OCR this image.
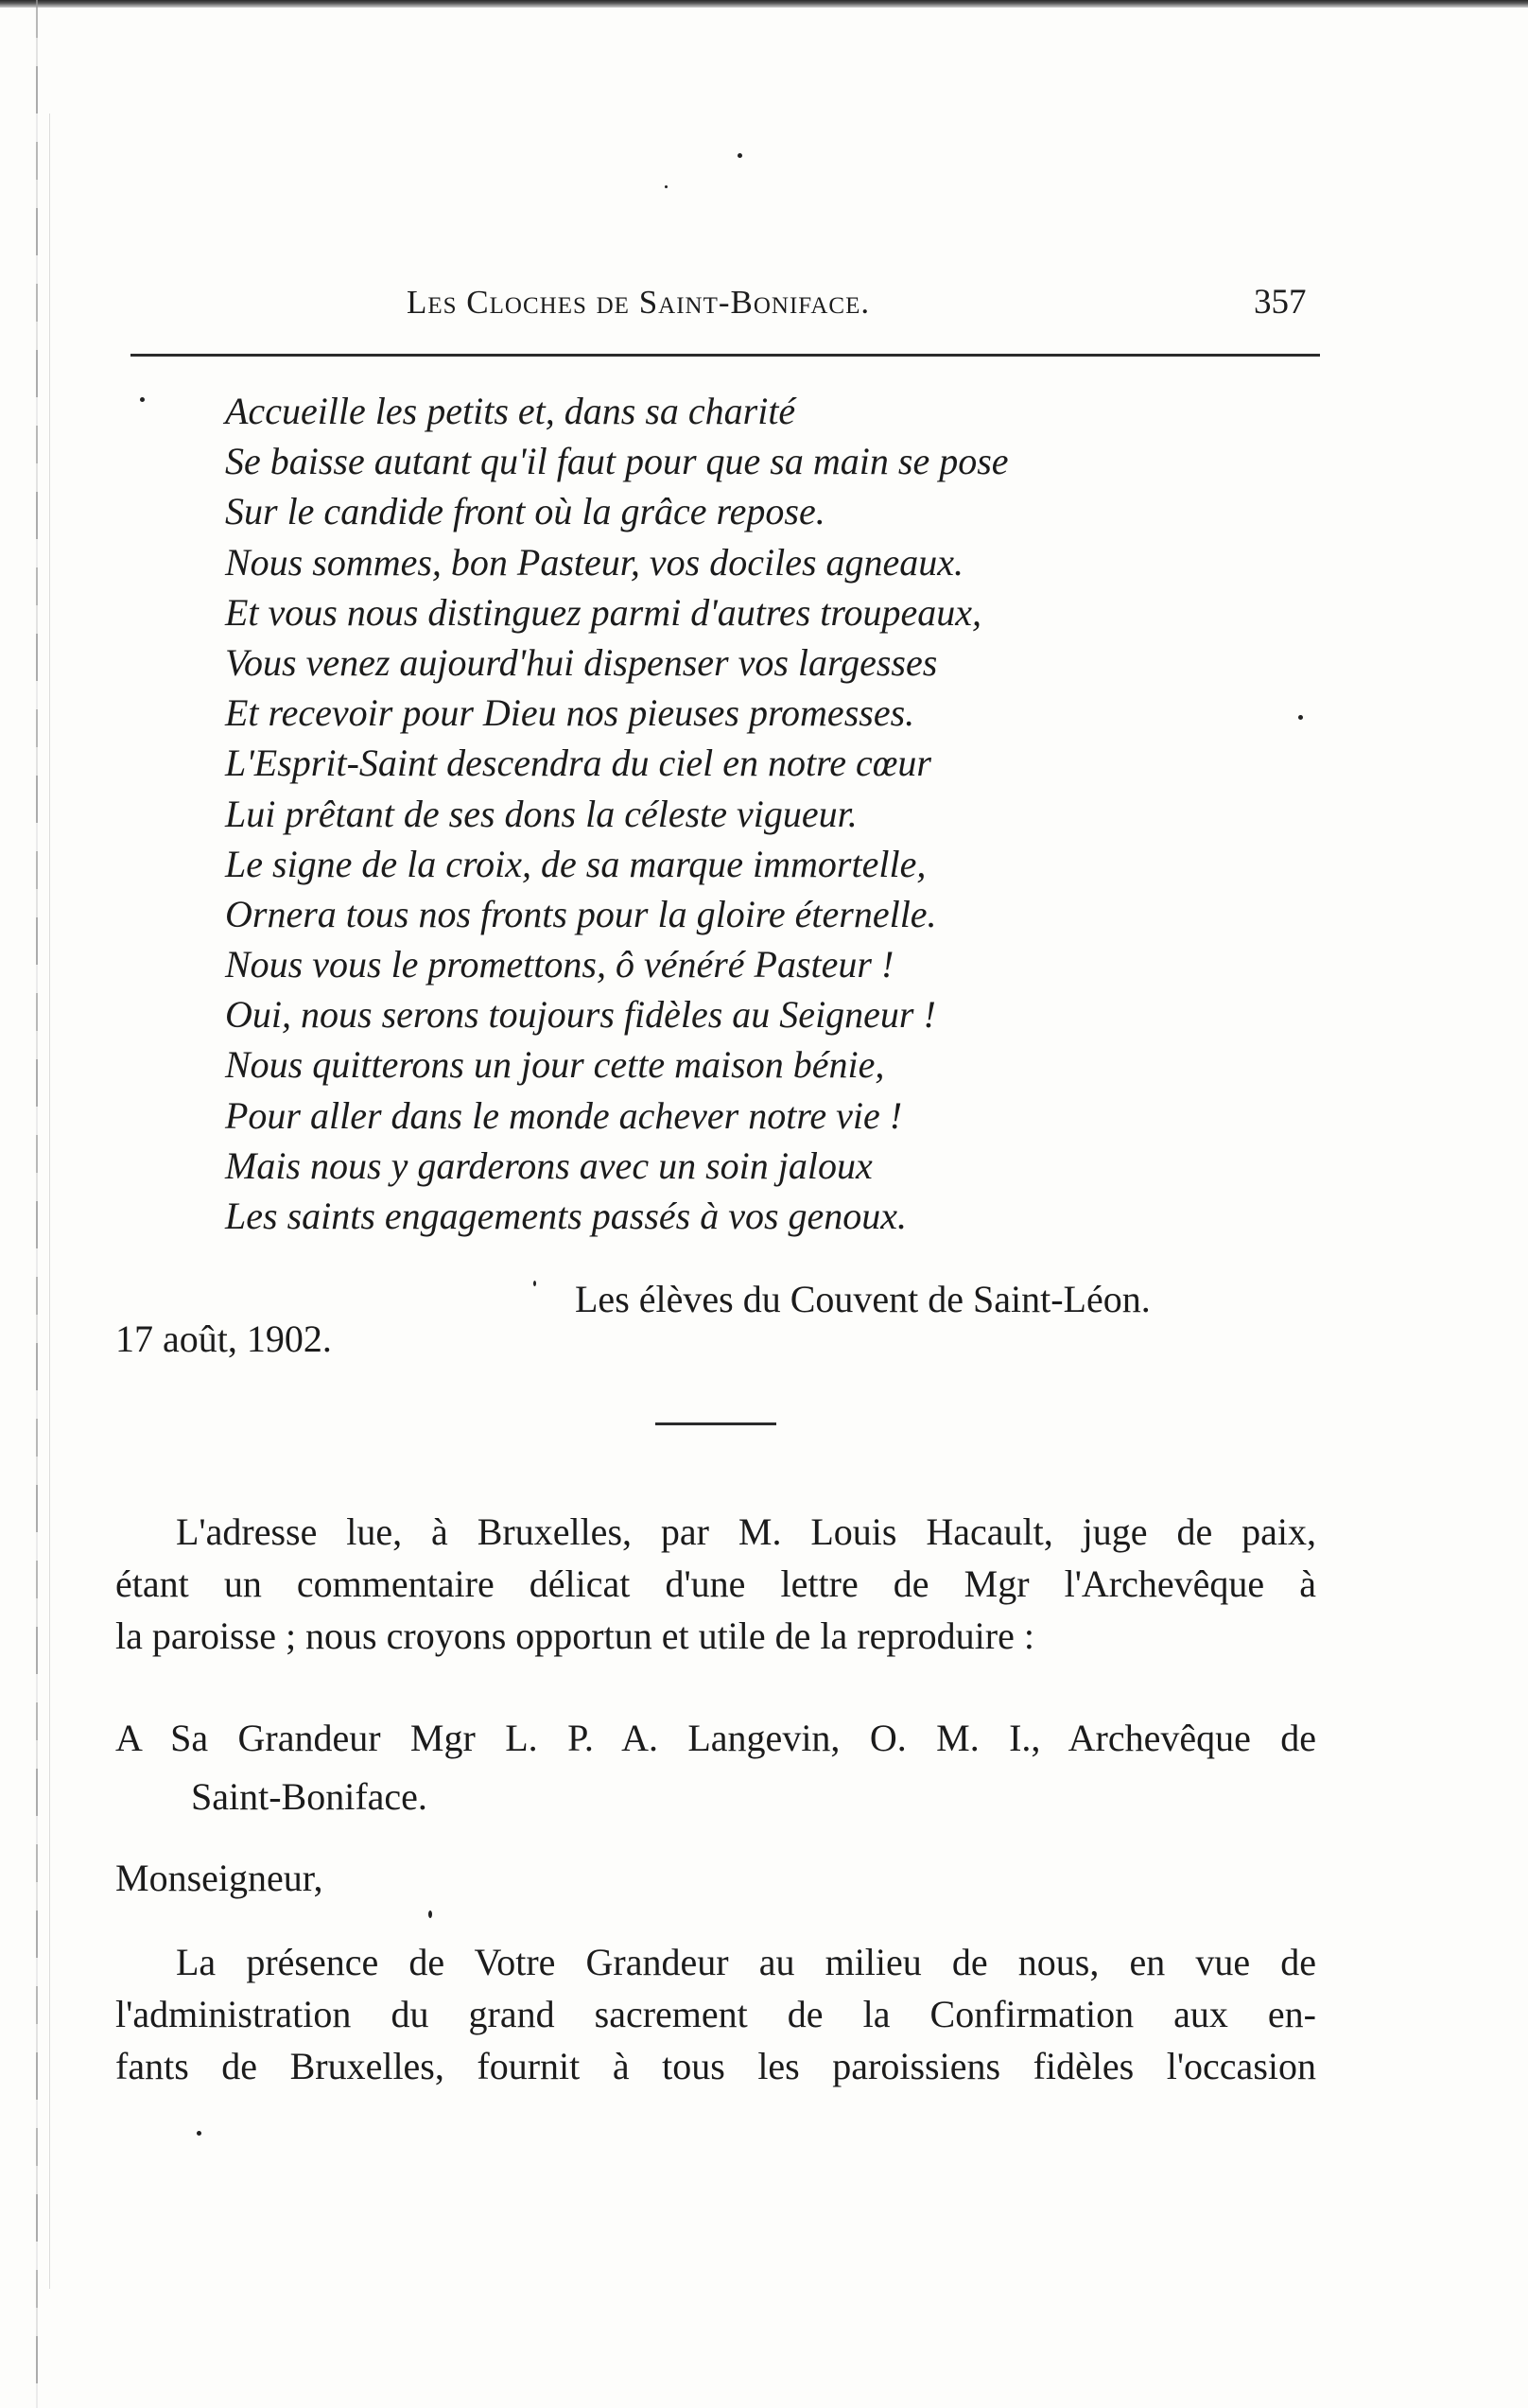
Les Cloches de Saint-Boniface.	357
Accueille les petits et, dans sa charité
Se baisse autant qu'il faut pour que sa main se pose
Sur le candide front où la grâce repose.
Nous sommes, bon Pasteur, vos dociles agneaux.
Et vous nous distinguez parmi d'autres troupeaux,
Vous venez aujourd'hui dispenser vos largesses
Et recevoir pour Dieu nos pieuses promesses.
L'Esprit-Saint descendra du ciel en notre cœur
Lui prêtant de ses dons la céleste vigueur.
Le signe de la croix, de sa marque immortelle,
Ornera tous nos fronts pour la gloire éternelle.
Nous vous le promettons, ô vénéré Pasteur !
Oui, nous serons toujours fidèles au Seigneur !
Nous quitterons un jour cette maison bénie,
Pour aller dans le monde achever notre vie !
Mais nous y garderons avec un soin jaloux
Les saints engagements passés à vos genoux.
Les élèves du Couvent de Saint-Léon.
17 août, 1902.
L'adresse lue, à Bruxelles, par M. Louis Hacault, juge de paix,
étant un commentaire délicat d'une lettre de Mgr l'Archevêque à
la paroisse ; nous croyons opportun et utile de la reproduire :
A Sa Grandeur Mgr L. P. A. Langevin, O. M. I., Archevêque de
Saint-Boniface.
Monseigneur,
La présence de Votre Grandeur au milieu de nous, en vue de
l'administration du grand sacrement de la Confirmation aux en-
fants de Bruxelles, fournit à tous les paroissiens fidèles l'occasion
